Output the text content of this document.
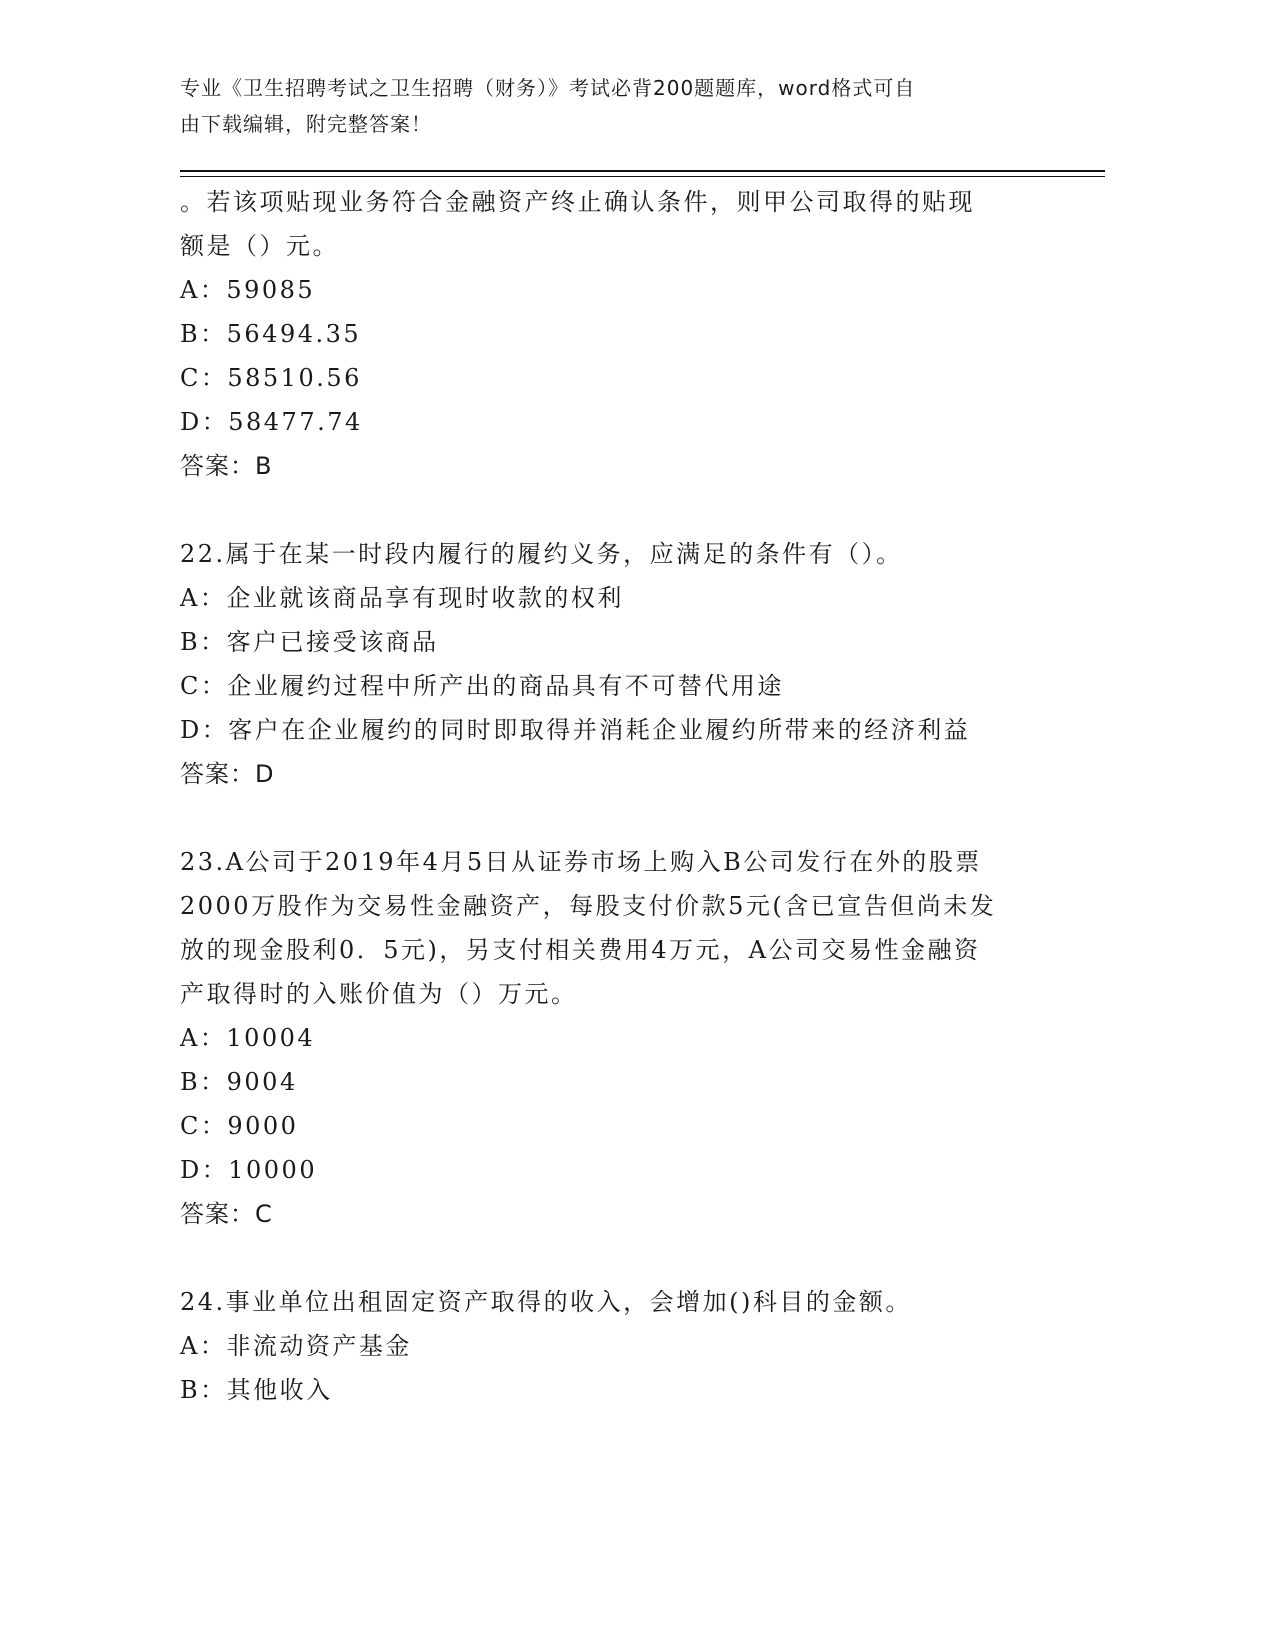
专业《卫生招聘考试之卫生招聘（财务）》考试必背200题题库，word格式可自
由下载编辑，附完整答案！
。若该项贴现业务符合金融资产终止确认条件，则甲公司取得的贴现
额是（）元。
A：59085
B：56494.35
C：58510.56
D：58477.74
答案：B
22.属于在某一时段内履行的履约义务，应满足的条件有（）。
A：企业就该商品享有现时收款的权利
B：客户已接受该商品
C：企业履约过程中所产出的商品具有不可替代用途
D：客户在企业履约的同时即取得并消耗企业履约所带来的经济利益
答案：D
23.A公司于2019年4月5日从证券市场上购入B公司发行在外的股票
2000万股作为交易性金融资产，每股支付价款5元(含已宣告但尚未发
放的现金股利0．5元)，另支付相关费用4万元，A公司交易性金融资
产取得时的入账价值为（）万元。
A：10004
B：9004
C：9000
D：10000
答案：C
24.事业单位出租固定资产取得的收入，会增加()科目的金额。
A：非流动资产基金
B：其他收入
